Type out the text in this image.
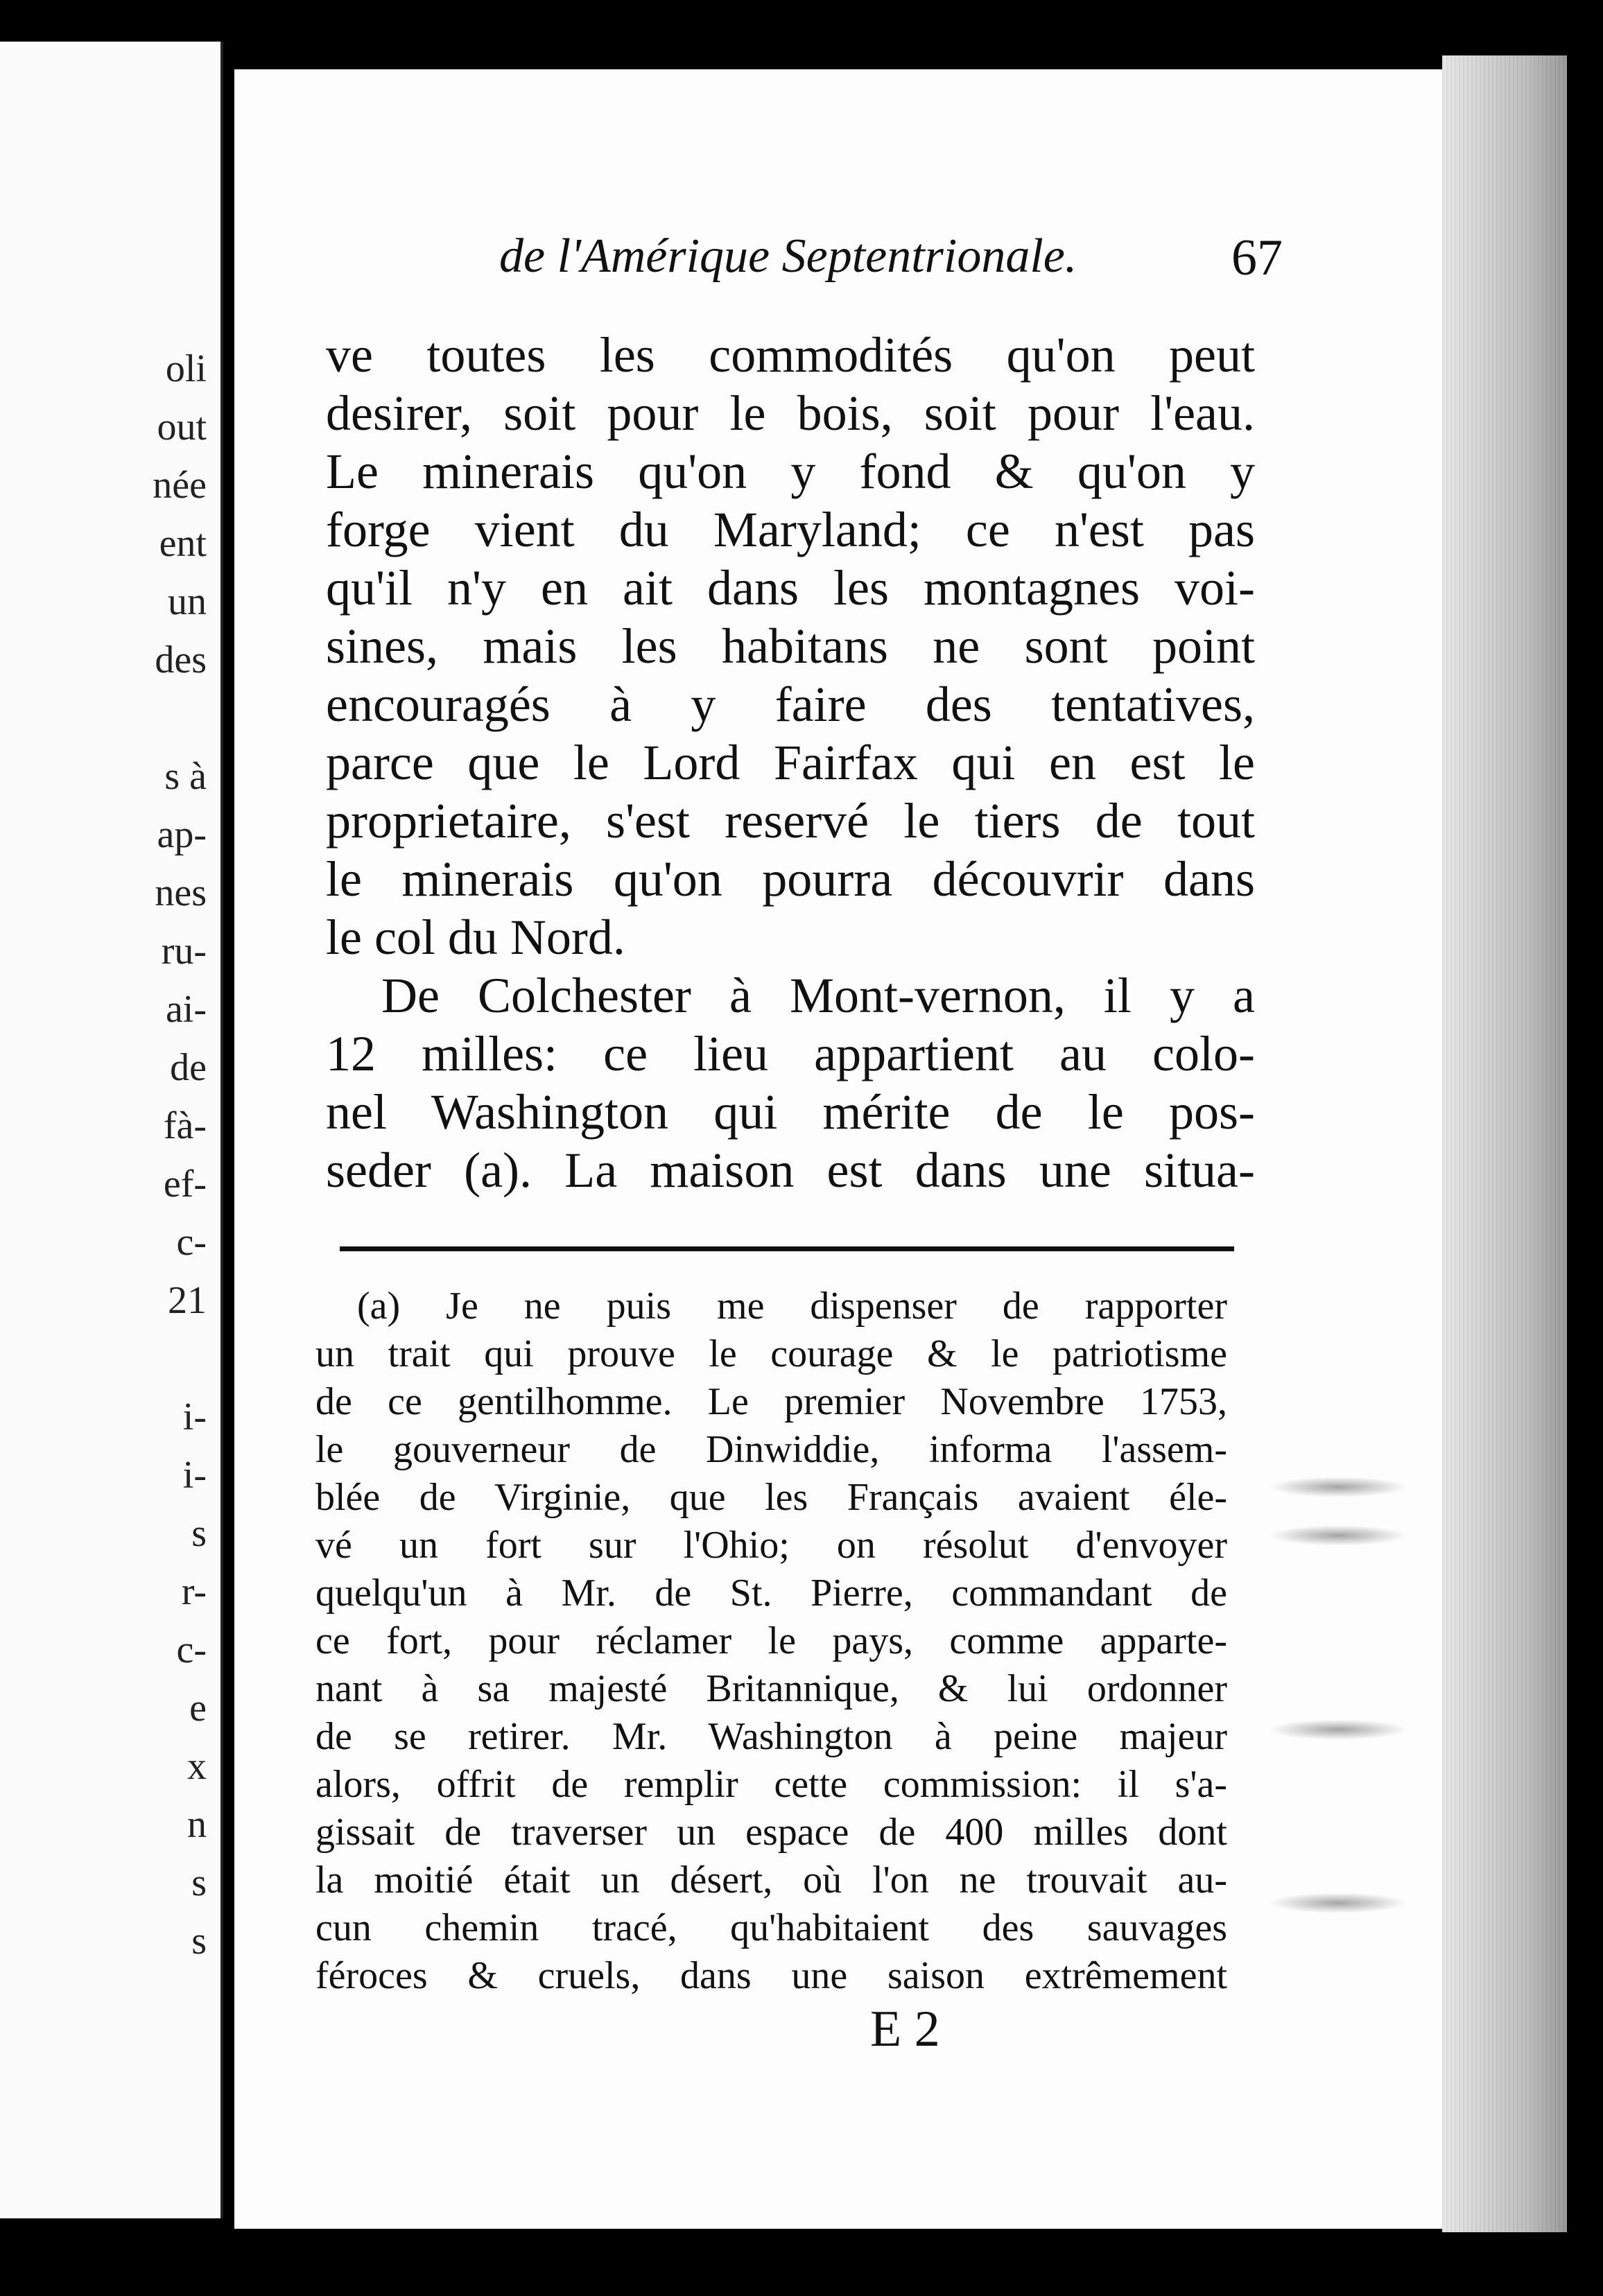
oli
out
née
ent
un
des
s à
ap-
nes
ru-
ai-
de
fà-
ef-
c-
21
i-
i-
s
r-
c-
e
x
n
s
s
de l'Amérique Septentrionale.	67
ve toutes les commodités qu'on peut
desirer, soit pour le bois, soit pour l'eau.
Le minerais qu'on y fond & qu'on y
forge vient du Maryland; ce n'est pas
qu'il n'y en ait dans les montagnes voi-
sines, mais les habitans ne sont point
encouragés à y faire des tentatives,
parce que le Lord Fairfax qui en est le
proprietaire, s'est reservé le tiers de tout
le minerais qu'on pourra découvrir dans
le col du Nord.
De Colchester à Mont-vernon, il y a
12 milles: ce lieu appartient au colo-
nel Washington qui mérite de le pos-
seder (a). La maison est dans une situa-
(a) Je ne puis me dispenser de rapporter
un trait qui prouve le courage & le patriotisme
de ce gentilhomme. Le premier Novembre 1753,
le gouverneur de Dinwiddie, informa l'assem-
blée de Virginie, que les Français avaient éle-
vé un fort sur l'Ohio; on résolut d'envoyer
quelqu'un à Mr. de St. Pierre, commandant de
ce fort, pour réclamer le pays, comme apparte-
nant à sa majesté Britannique, & lui ordonner
de se retirer. Mr. Washington à peine majeur
alors, offrit de remplir cette commission: il s'a-
gissait de traverser un espace de 400 milles dont
la moitié était un désert, où l'on ne trouvait au-
cun chemin tracé, qu'habitaient des sauvages
féroces & cruels, dans une saison extrêmement
E 2
